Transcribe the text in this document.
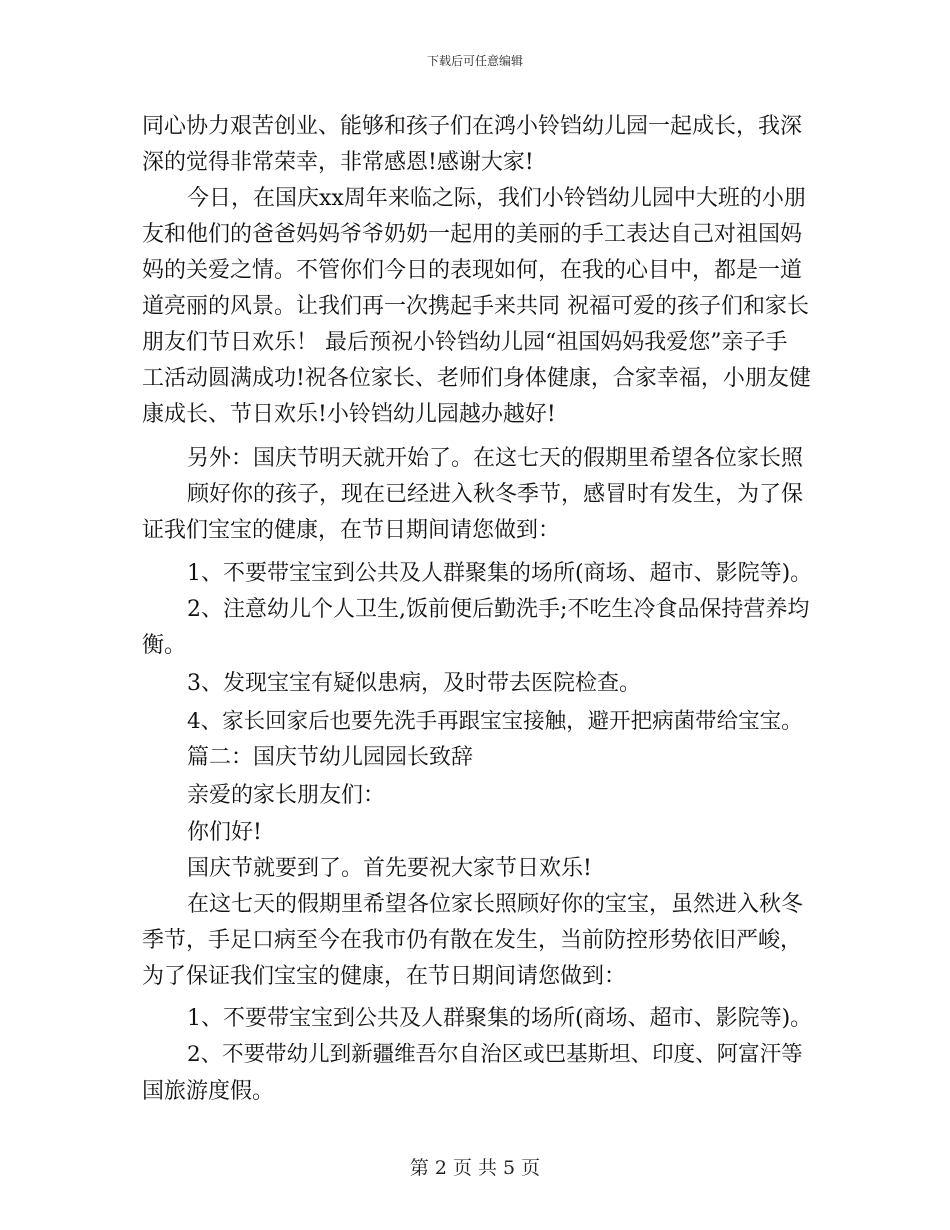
下载后可任意编辑
同心协力艰苦创业、能够和孩子们在鸿小铃铛幼儿园一起成长，我深
深的觉得非常荣幸，非常感恩!感谢大家!
今日，在国庆xx周年来临之际，我们小铃铛幼儿园中大班的小朋
友和他们的爸爸妈妈爷爷奶奶一起用的美丽的手工表达自己对祖国妈
妈的关爱之情。不管你们今日的表现如何，在我的心目中，都是一道
道亮丽的风景。让我们再一次携起手来共同 祝福可爱的孩子们和家长
朋友们节日欢乐！ 最后预祝小铃铛幼儿园“祖国妈妈我爱您”亲子手
工活动圆满成功!祝各位家长、老师们身体健康，合家幸福，小朋友健
康成长、节日欢乐!小铃铛幼儿园越办越好!
另外：国庆节明天就开始了。在这七天的假期里希望各位家长照
顾好你的孩子，现在已经进入秋冬季节，感冒时有发生，为了保
证我们宝宝的健康，在节日期间请您做到：
1、不要带宝宝到公共及人群聚集的场所(商场、超市、影院等)。
2、注意幼儿个人卫生,饭前便后勤洗手;不吃生冷食品保持营养均
衡。
3、发现宝宝有疑似患病，及时带去医院检查。
4、家长回家后也要先洗手再跟宝宝接触，避开把病菌带给宝宝。
篇二：国庆节幼儿园园长致辞
亲爱的家长朋友们：
你们好!
国庆节就要到了。首先要祝大家节日欢乐!
在这七天的假期里希望各位家长照顾好你的宝宝，虽然进入秋冬
季节，手足口病至今在我市仍有散在发生，当前防控形势依旧严峻，
为了保证我们宝宝的健康，在节日期间请您做到：
1、不要带宝宝到公共及人群聚集的场所(商场、超市、影院等)。
2、不要带幼儿到新疆维吾尔自治区或巴基斯坦、印度、阿富汗等
国旅游度假。
第 2 页 共 5 页
